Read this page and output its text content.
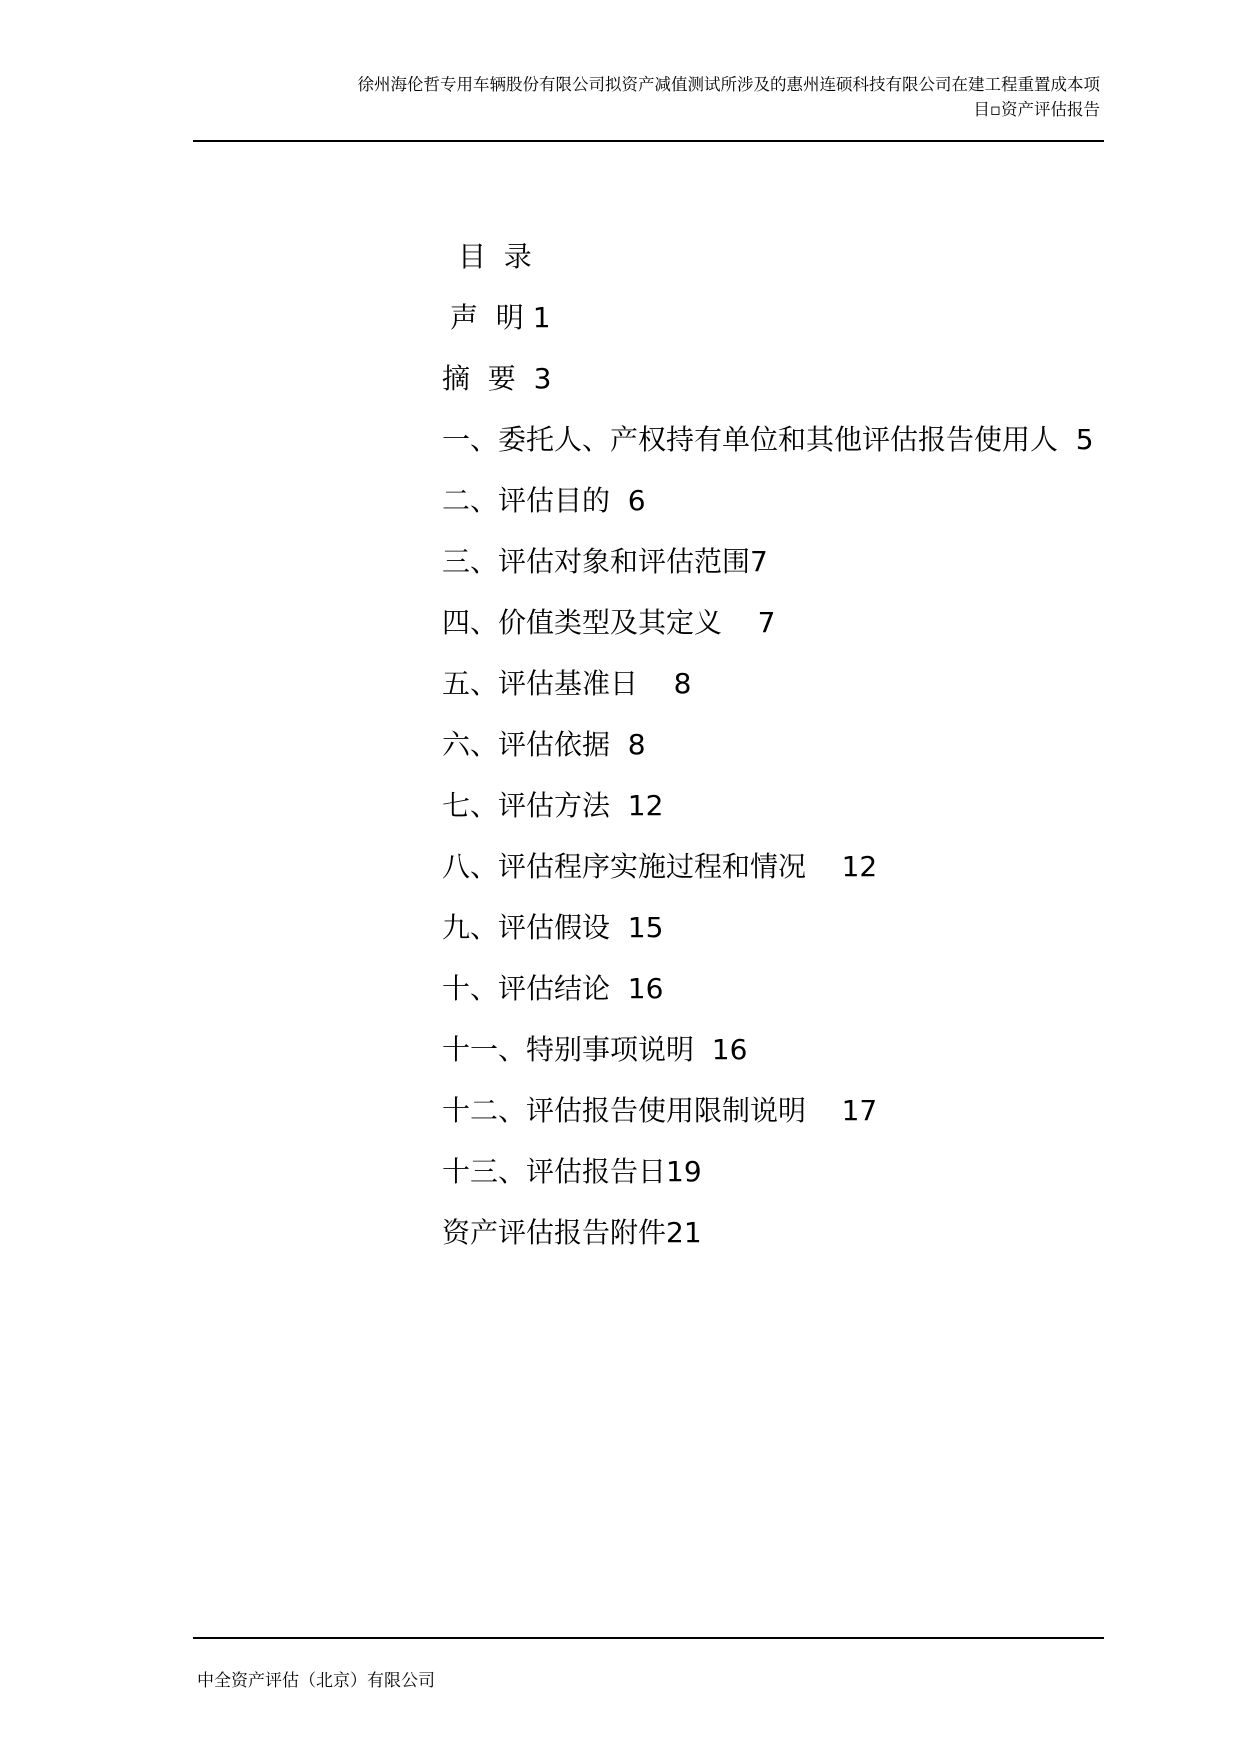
徐州海伦哲专用车辆股份有限公司拟资产减值测试所涉及的惠州连硕科技有限公司在建工程重置成本项
目▫资产评估报告
目  录
声  明 1
摘  要  3
一、委托人、产权持有单位和其他评估报告使用人  5
二、评估目的  6
三、评估对象和评估范围7
四、价值类型及其定义    7
五、评估基准日    8
六、评估依据  8
七、评估方法  12
八、评估程序实施过程和情况    12
九、评估假设  15
十、评估结论  16
十一、特别事项说明  16
十二、评估报告使用限制说明    17
十三、评估报告日19
资产评估报告附件21
中全资产评估（北京）有限公司
